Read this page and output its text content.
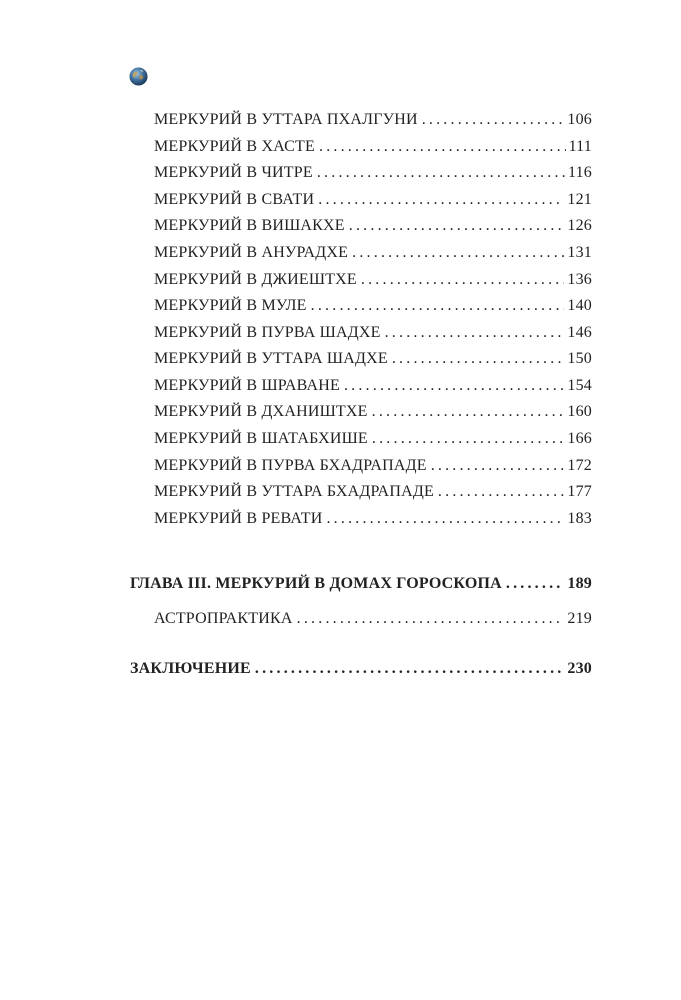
МЕРКУРИЙ В УТТАРА ПХАЛГУНИ .....	106
МЕРКУРИЙ В ХАСТЕ .....	111
МЕРКУРИЙ В ЧИТРЕ .....	116
МЕРКУРИЙ В СВАТИ .....	121
МЕРКУРИЙ В ВИШАКХЕ .....	126
МЕРКУРИЙ В АНУРАДХЕ .....	131
МЕРКУРИЙ В ДЖИЕШТХЕ .....	136
МЕРКУРИЙ В МУЛЕ .....	140
МЕРКУРИЙ В ПУРВА ШАДХЕ .....	146
МЕРКУРИЙ В УТТАРА ШАДХЕ .....	150
МЕРКУРИЙ В ШРАВАНЕ .....	154
МЕРКУРИЙ В ДХАНИШТХЕ .....	160
МЕРКУРИЙ В ШАТАБХИШЕ .....	166
МЕРКУРИЙ В ПУРВА БХАДРАПАДЕ .....	172
МЕРКУРИЙ В УТТАРА БХАДРАПАДЕ .....	177
МЕРКУРИЙ В РЕВАТИ .....	183
ГЛАВА III. МЕРКУРИЙ В ДОМАХ ГОРОСКОПА .....	189
АСТРОПРАКТИКА .....	219
ЗАКЛЮЧЕНИЕ .....	230
